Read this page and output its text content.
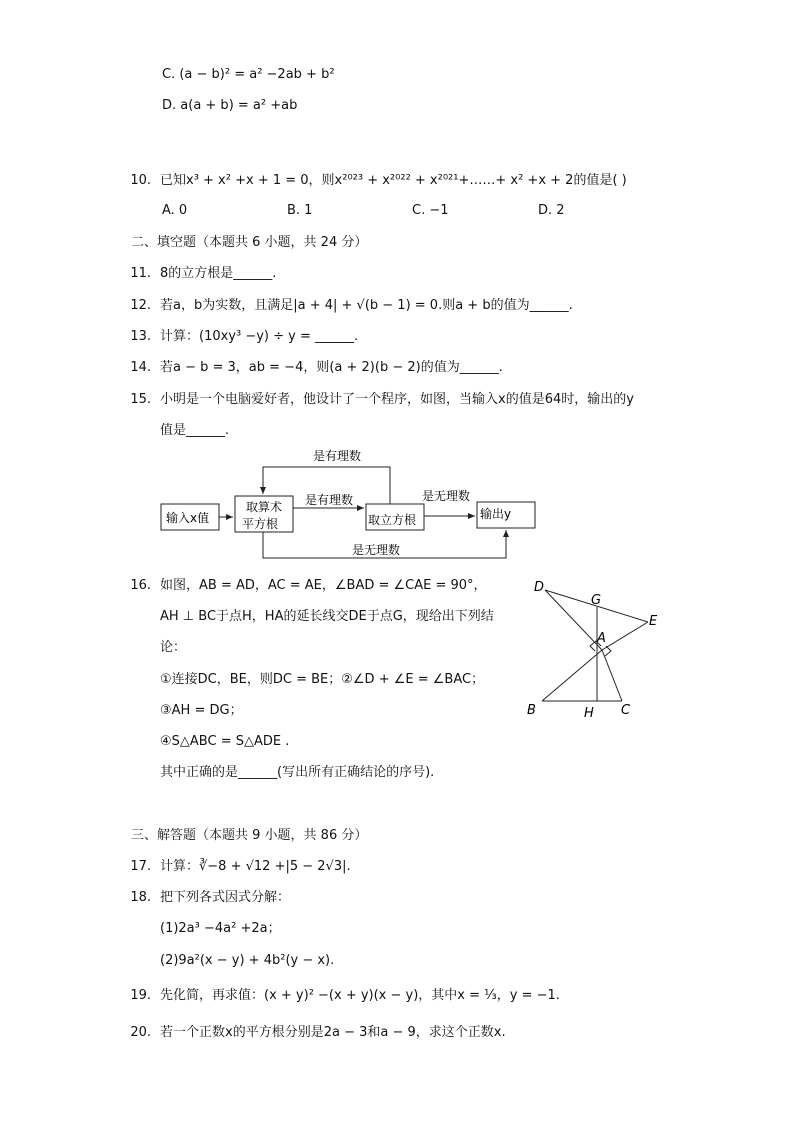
C. (a − b)² = a² −2ab + b²
D. a(a + b) = a² +ab
10. 已知x³ + x² +x + 1 = 0，则x²⁰²³ + x²⁰²² + x²⁰²¹+……+ x² +x + 2的值是( )
A. 0	B. 1	C. −1	D. 2
二、填空题（本题共 6 小题，共 24 分）
11. 8的立方根是______.
12. 若a，b为实数，且满足|a + 4| + √(b − 1) = 0.则a + b的值为______.
13. 计算：(10xy³ −y) ÷ y = ______.
14. 若a − b = 3，ab = −4，则(a + 2)(b − 2)的值为______.
15. 小明是一个电脑爱好者，他设计了一个程序，如图，当输入x的值是64时，输出的y
值是______.
输入x值
取算术
平方根	取立方根	输出y
是有理数
是有理数	是无理数
是无理数
16. 如图，AB = AD，AC = AE，∠BAD = ∠CAE = 90°，
AH ⊥ BC于点H，HA的延长线交DE于点G，现给出下列结
论：
①连接DC，BE，则DC = BE；②∠D + ∠E = ∠BAC；
③AH = DG；
④S△ABC = S△ADE .
其中正确的是______(写出所有正确结论的序号).
D
G
E
A
B	H C
三、解答题（本题共 9 小题，共 86 分）
17. 计算：∛−8 + √12 +|5 − 2√3|.
18. 把下列各式因式分解：
(1)2a³ −4a² +2a；
(2)9a²(x − y) + 4b²(y − x).
19. 先化简，再求值：(x + y)² −(x + y)(x − y)，其中x = ⅓，y = −1.
20. 若一个正数x的平方根分别是2a − 3和a − 9，求这个正数x.
